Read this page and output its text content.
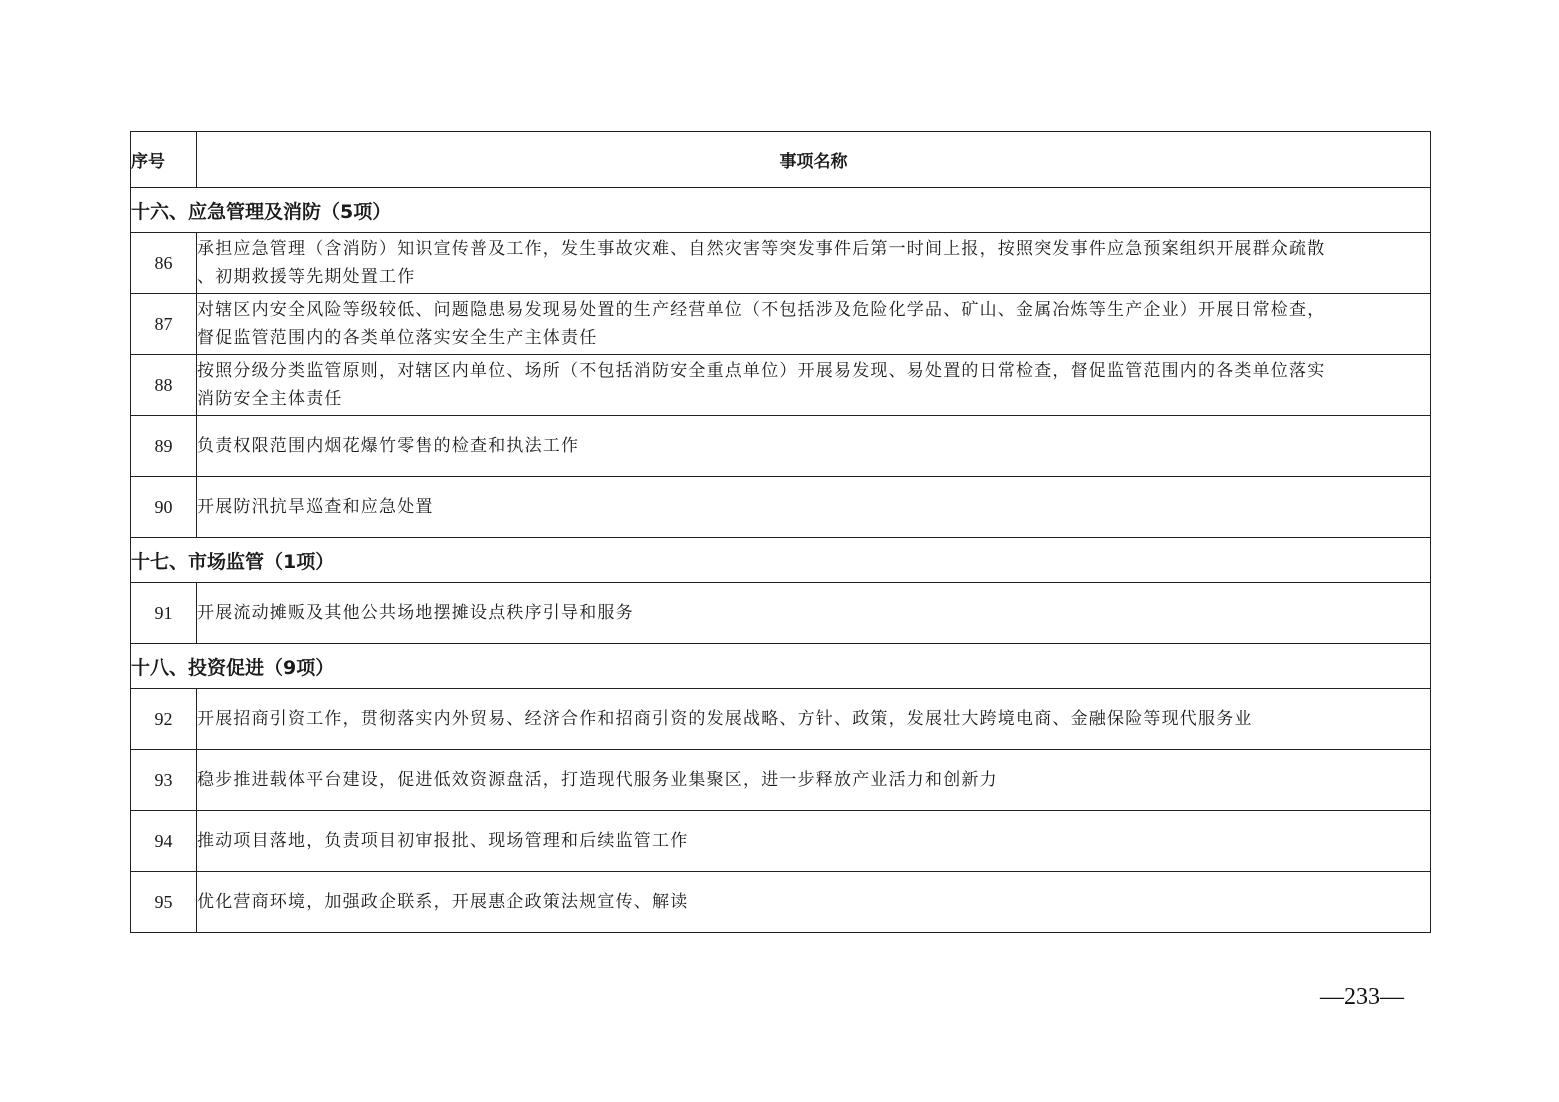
序号	事项名称
十六、应急管理及消防（5项）	
86	承担应急管理（含消防）知识宣传普及工作，发生事故灾难、自然灾害等突发事件后第一时间上报，按照突发事件应急预案组织开展群众疏散
、初期救援等先期处置工作

87	对辖区内安全风险等级较低、问题隐患易发现易处置的生产经营单位（不包括涉及危险化学品、矿山、金属冶炼等生产企业）开展日常检查，
督促监管范围内的各类单位落实安全生产主体责任

88	按照分级分类监管原则，对辖区内单位、场所（不包括消防安全重点单位）开展易发现、易处置的日常检查，督促监管范围内的各类单位落实
消防安全主体责任

89	负责权限范围内烟花爆竹零售的检查和执法工作

90	开展防汛抗旱巡查和应急处置

十七、市场监管（1项）	
91	开展流动摊贩及其他公共场地摆摊设点秩序引导和服务

十八、投资促进（9项）	
92	开展招商引资工作，贯彻落实内外贸易、经济合作和招商引资的发展战略、方针、政策，发展壮大跨境电商、金融保险等现代服务业

93	稳步推进载体平台建设，促进低效资源盘活，打造现代服务业集聚区，进一步释放产业活力和创新力

94	推动项目落地，负责项目初审报批、现场管理和后续监管工作

95	优化营商环境，加强政企联系，开展惠企政策法规宣传、解读
—233—
